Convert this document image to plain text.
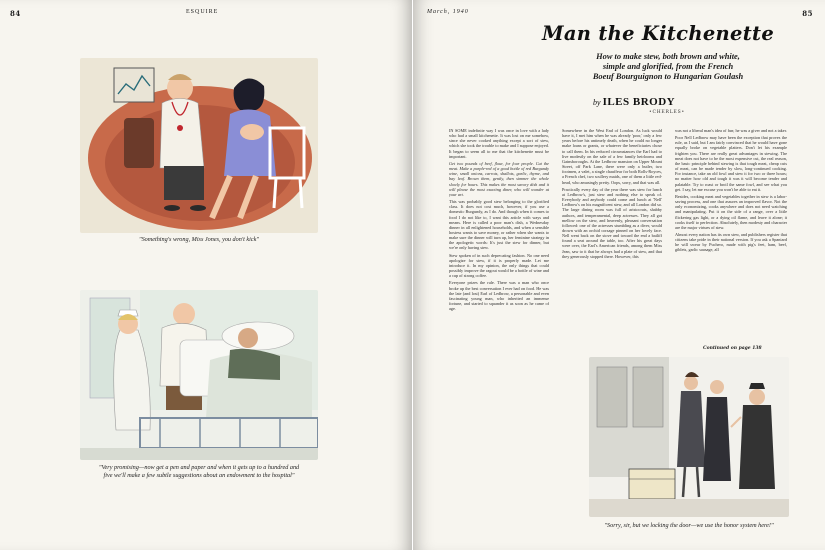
84	ESQUIRE
"Something's wrong, Miss Jones, you don't kick"
"Very promising—now get a pen and paper and when it gets up to a hundred and
five we'll make a few subtle suggestions about an endowment to the hospital"
March, 1940	85
Man the Kitchenette
How to make stew, both brown and white,
simple and glorified, from the French
Boeuf Bourguignon to Hungarian Goulash
by ILES BRODY
•CHERLES•

IN SOME indefinite way I was once in love with a lady who had a small kitchenette. It was lost on me somehow, since she never cooked anything except a sort of stew, which she took the trouble to make and I suppose enjoyed. It began to seem all to me that the kitchenette must be important.

Get two pounds of beef, flour, for four people. Cut the meat. Make a purple-red of a good bottle of red Burgundy wine, small onions, carrots, shallots, garlic, thyme, and bay leaf. Brown them, gently, then simmer the whole slowly for hours. This makes the most savory dish and it will please the most exacting diner, who will wonder at your art.

This was probably good stew belonging to the glorified class. It does not cost much, however, if you use a domestic Burgundy, as I do. And though when it comes to food I do not like to, I want this article with ways and means. Here is called a poor man's dish, a Wednesday dinner in all enlightened households, and when a sensible hostess wants to save money, or rather when she wants to make sure the dinner will turn up, her feminine strategy in the apologetic words: It's just the stew for dinner, but we're only having stew.

Stew spoken of in such deprecating fashion. No one need apologize for stew, if it is properly made. Let me introduce it. In my opinion, the only things that could possibly improve the ragout would be a bottle of wine and a cup of strong coffee.

Everyone prizes the rule. There was a man who once broke up the best conversation I ever had on food. He was the late (and lost) Earl of Ledbrow, a personable and even fascinating young man, who inherited an immense fortune, and started to squander it as soon as he came of age.

Somewhere in the West End of London. As luck would have it, I met him when he was already 'poor,' only a few years before his untimely death, when he could no longer make loans or grants, or whatever the beneficiaries chose to call them. In his reduced circumstances the Earl had to live modestly on the sale of a few family heirlooms and Gainsboroughs. At the Ledbrow mansion on Upper Mount Street, off Park Lane, there were only a butler, two footmen, a valet, a single chauffeur for both Rolls-Royces, a French chef, two scullery maids, one of them a little red-head, who amusingly pretty. Oops, sorry, and that was all.

Practically every day of the year there was stew for lunch at Ledbrow's, just stew and nothing else to speak of. Everybody and anybody could come and lunch at 'Nell' Ledbrow's on his magnificent stew, and all London did so. The large dining room was full of aristocrats, shabby authors, and temperamental, deep actresses. They all got mellow on the stew, and heavenly, pleasant conversation followed: one of the actresses stumbling as a diver, would drown with an orchid corsage pinned on her lovely face. Nell went back on the stove and toward the end a bailiff found a seat around the table, too. After his great days were over, the Earl's American friends, among them Miss Jean, saw to it that he always had a plate of stew, and that they generously stopped there. However, this

was not a liberal man's idea of fun; he was a giver and not a taker.

Poor Nell Ledbrow may have been the exception that proves the rule, as I said, but I am fairly convinced that he would have gone equally broke on vegetable platters. Don't let his example frighten you. There are really great advantages in stewing. The meat does not have to be the most expensive cut, the real reason, the basic principle behind stewing is that tough meat, cheap cuts of meat, can be made tender by slow, long-continued cooking. For instance, take an old fowl and stew it for two or three hours; no matter how old and tough it was it will become tender and palatable. Try to roast or broil the same fowl, and see what you get. I say, let me excuse you won't be able to eat it.

Besides, cooking meat and vegetables together in stew is a labor-saving process, and one that assures an improved flavor. Not the only economizing, cooks anywhere and does not need watching and manipulating. Put it on the side of a range, over a little flickering gas light, or a dying oil flame, and leave it alone; it cooks itself to perfection. Absolutely, then modesty and character are the major virtues of stew.

Almost every nation has its own stew, and publishers register that citizens take pride in their national version. If you ask a Spaniard he will swear by Puchero, made with pig's feet, ham, beef, giblets, garlic sausage, all

Continued on page 138
"Sorry, sir, but we locking the door—we use the honor system here!"
